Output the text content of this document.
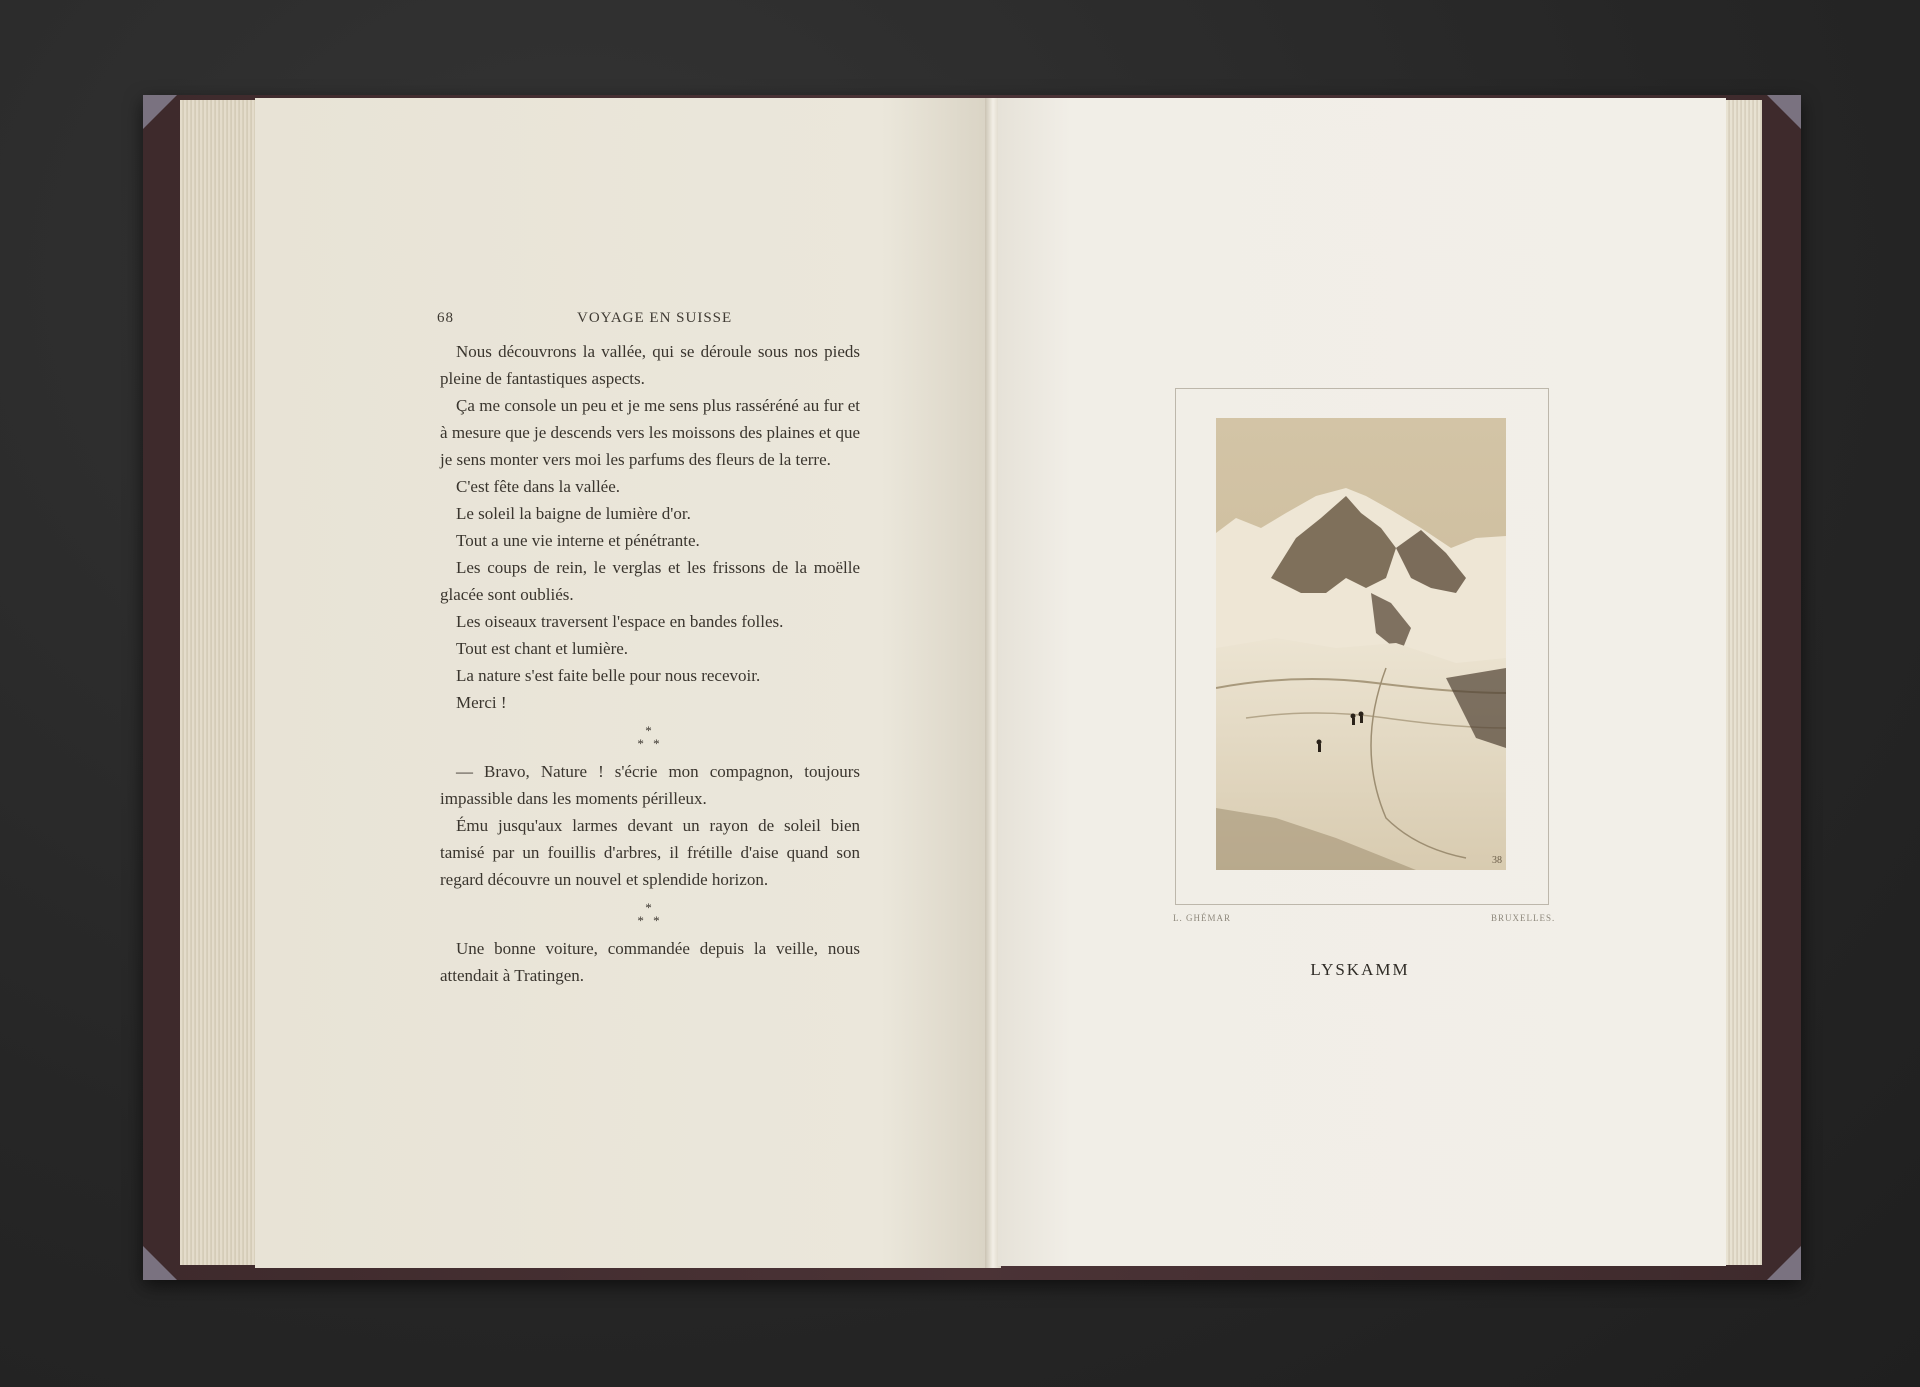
68	VOYAGE EN SUISSE

Nous découvrons la vallée, qui se déroule sous nos pieds pleine de fantastiques aspects.

Ça me console un peu et je me sens plus rasséréné au fur et à mesure que je descends vers les moissons des plaines et que je sens monter vers moi les parfums des fleurs de la terre.

C'est fête dans la vallée.

Le soleil la baigne de lumière d'or.

Tout a une vie interne et pénétrante.

Les coups de rein, le verglas et les frissons de la moëlle glacée sont oubliés.

Les oiseaux traversent l'espace en bandes folles.

Tout est chant et lumière.

La nature s'est faite belle pour nous recevoir.

Merci !

*
* *

— Bravo, Nature ! s'écrie mon compagnon, toujours impassible dans les moments périlleux.

Ému jusqu'aux larmes devant un rayon de soleil bien tamisé par un fouillis d'arbres, il frétille d'aise quand son regard découvre un nouvel et splendide horizon.

*
* *

Une bonne voiture, commandée depuis la veille, nous attendait à Tratingen.

38
L. GHÉMAR	BRUXELLES.
LYSKAMM
